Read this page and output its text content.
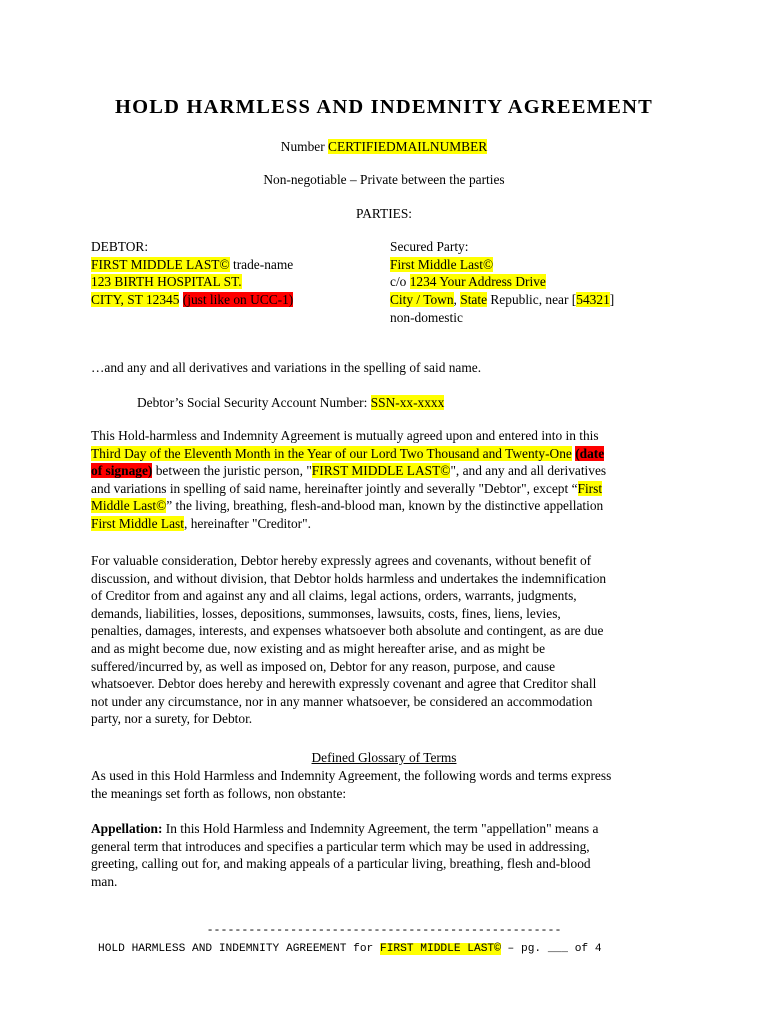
HOLD HARMLESS AND INDEMNITY AGREEMENT
Number CERTIFIEDMAILNUMBER
Non-negotiable – Private between the parties
PARTIES:
DEBTOR:
FIRST MIDDLE LAST© trade-name
123 BIRTH HOSPITAL ST.
CITY, ST 12345 (just like on UCC-1)
Secured Party:
First Middle Last©
c/o 1234 Your Address Drive
City / Town, State Republic, near [54321]
non-domestic
…and any and all derivatives and variations in the spelling of said name.
Debtor’s Social Security Account Number: SSN-xx-xxxx

This Hold-harmless and Indemnity Agreement is mutually agreed upon and entered into in this

Third Day of the Eleventh Month in the Year of our Lord Two Thousand and Twenty-One (date

of signage) between the juristic person, "FIRST MIDDLE LAST©", and any and all derivatives

and variations in spelling of said name, hereinafter jointly and severally "Debtor", except “First

Middle Last©” the living, breathing, flesh-and-blood man, known by the distinctive appellation

First Middle Last, hereinafter "Creditor".

For valuable consideration, Debtor hereby expressly agrees and covenants, without benefit of

discussion, and without division, that Debtor holds harmless and undertakes the indemnification

of Creditor from and against any and all claims, legal actions, orders, warrants, judgments,

demands, liabilities, losses, depositions, summonses, lawsuits, costs, fines, liens, levies,

penalties, damages, interests, and expenses whatsoever both absolute and contingent, as are due

and as might become due, now existing and as might hereafter arise, and as might be

suffered/incurred by, as well as imposed on, Debtor for any reason, purpose, and cause

whatsoever. Debtor does hereby and herewith expressly covenant and agree that Creditor shall

not under any circumstance, nor in any manner whatsoever, be considered an accommodation

party, nor a surety, for Debtor.

Defined Glossary of Terms

As used in this Hold Harmless and Indemnity Agreement, the following words and terms express

the meanings set forth as follows, non obstante:

Appellation: In this Hold Harmless and Indemnity Agreement, the term "appellation" means a

general term that introduces and specifies a particular term which may be used in addressing,

greeting, calling out for, and making appeals of a particular living, breathing, flesh and-blood

man.

---------------------------------------------------
HOLD HARMLESS AND INDEMNITY AGREEMENT for FIRST MIDDLE LAST© – pg. ___ of 4
